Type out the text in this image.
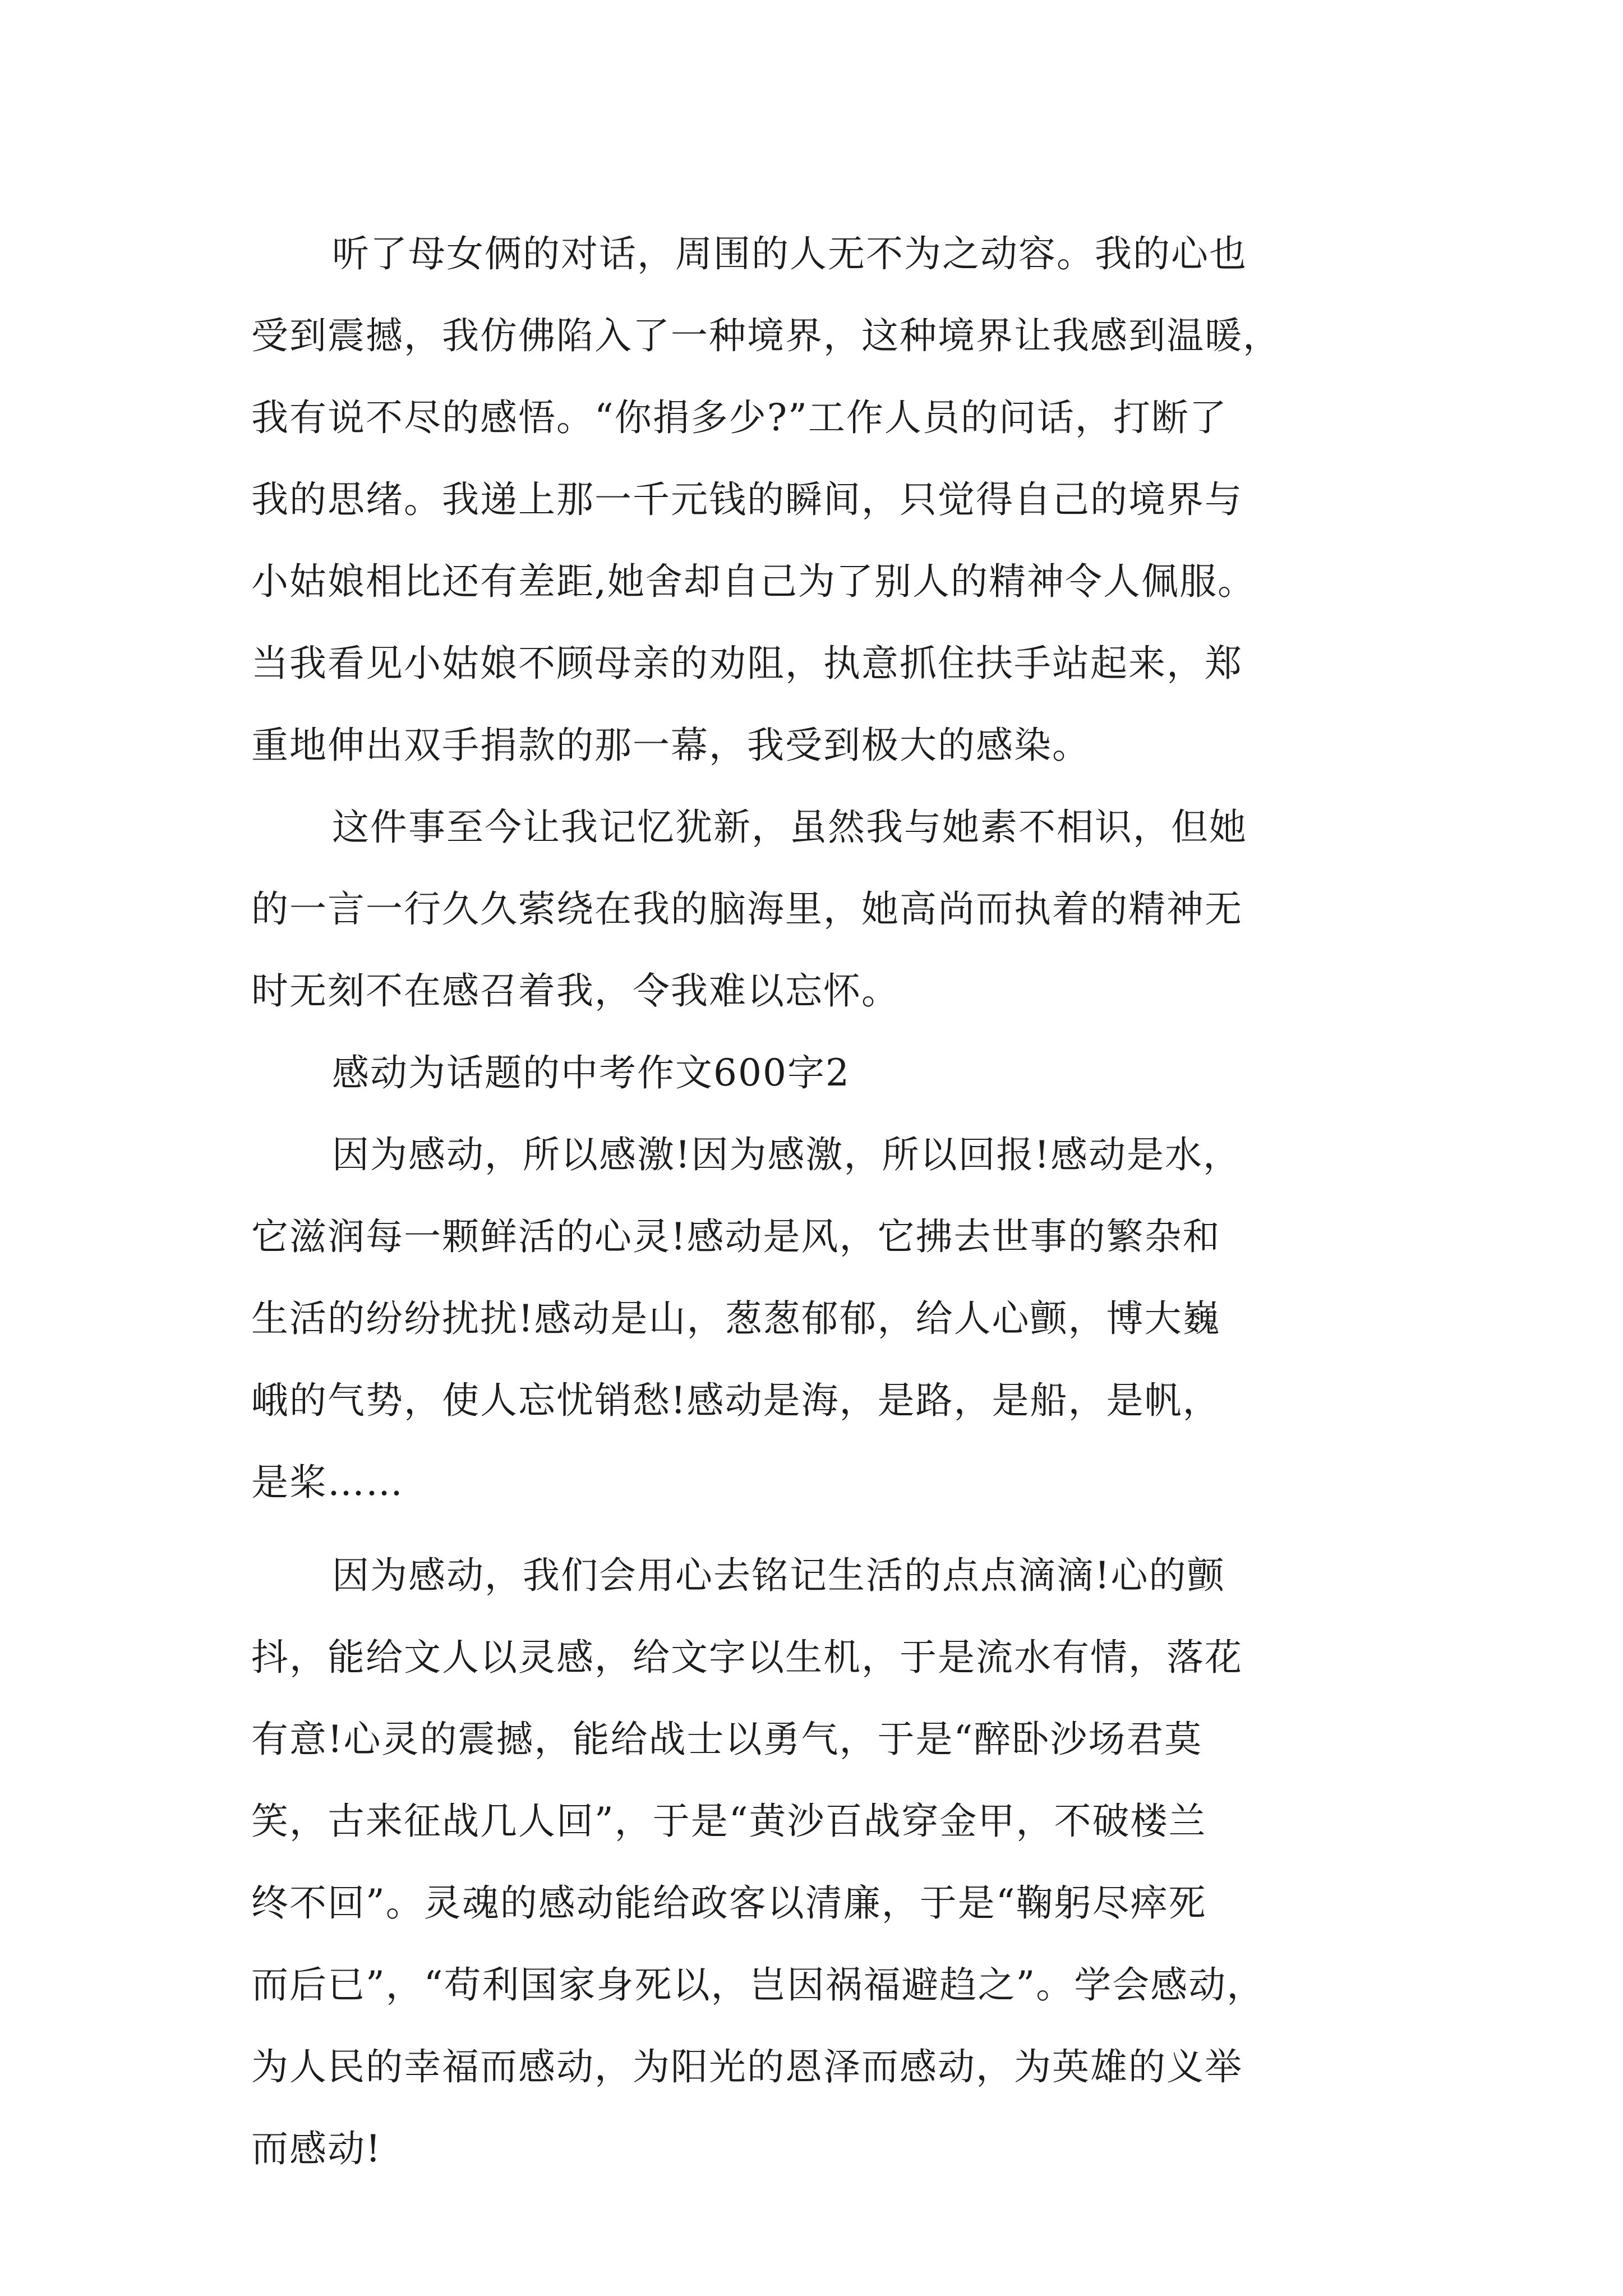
听了母女俩的对话，周围的人无不为之动容。我的心也
受到震撼，我仿佛陷入了一种境界，这种境界让我感到温暖，
我有说不尽的感悟。“你捐多少?”工作人员的问话，打断了
我的思绪。我递上那一千元钱的瞬间，只觉得自己的境界与
小姑娘相比还有差距,她舍却自己为了别人的精神令人佩服。
当我看见小姑娘不顾母亲的劝阻，执意抓住扶手站起来，郑
重地伸出双手捐款的那一幕，我受到极大的感染。
这件事至今让我记忆犹新，虽然我与她素不相识，但她
的一言一行久久萦绕在我的脑海里，她高尚而执着的精神无
时无刻不在感召着我，令我难以忘怀。
感动为话题的中考作文600字2
因为感动，所以感激!因为感激，所以回报!感动是水，
它滋润每一颗鲜活的心灵!感动是风，它拂去世事的繁杂和
生活的纷纷扰扰!感动是山，葱葱郁郁，给人心颤，博大巍
峨的气势，使人忘忧销愁!感动是海，是路，是船，是帆，
是桨……
因为感动，我们会用心去铭记生活的点点滴滴!心的颤
抖，能给文人以灵感，给文字以生机，于是流水有情，落花
有意!心灵的震撼，能给战士以勇气，于是“醉卧沙场君莫
笑，古来征战几人回”，于是“黄沙百战穿金甲，不破楼兰
终不回”。灵魂的感动能给政客以清廉，于是“鞠躬尽瘁死
而后已”，“苟利国家身死以，岂因祸福避趋之”。学会感动，
为人民的幸福而感动，为阳光的恩泽而感动，为英雄的义举
而感动!
